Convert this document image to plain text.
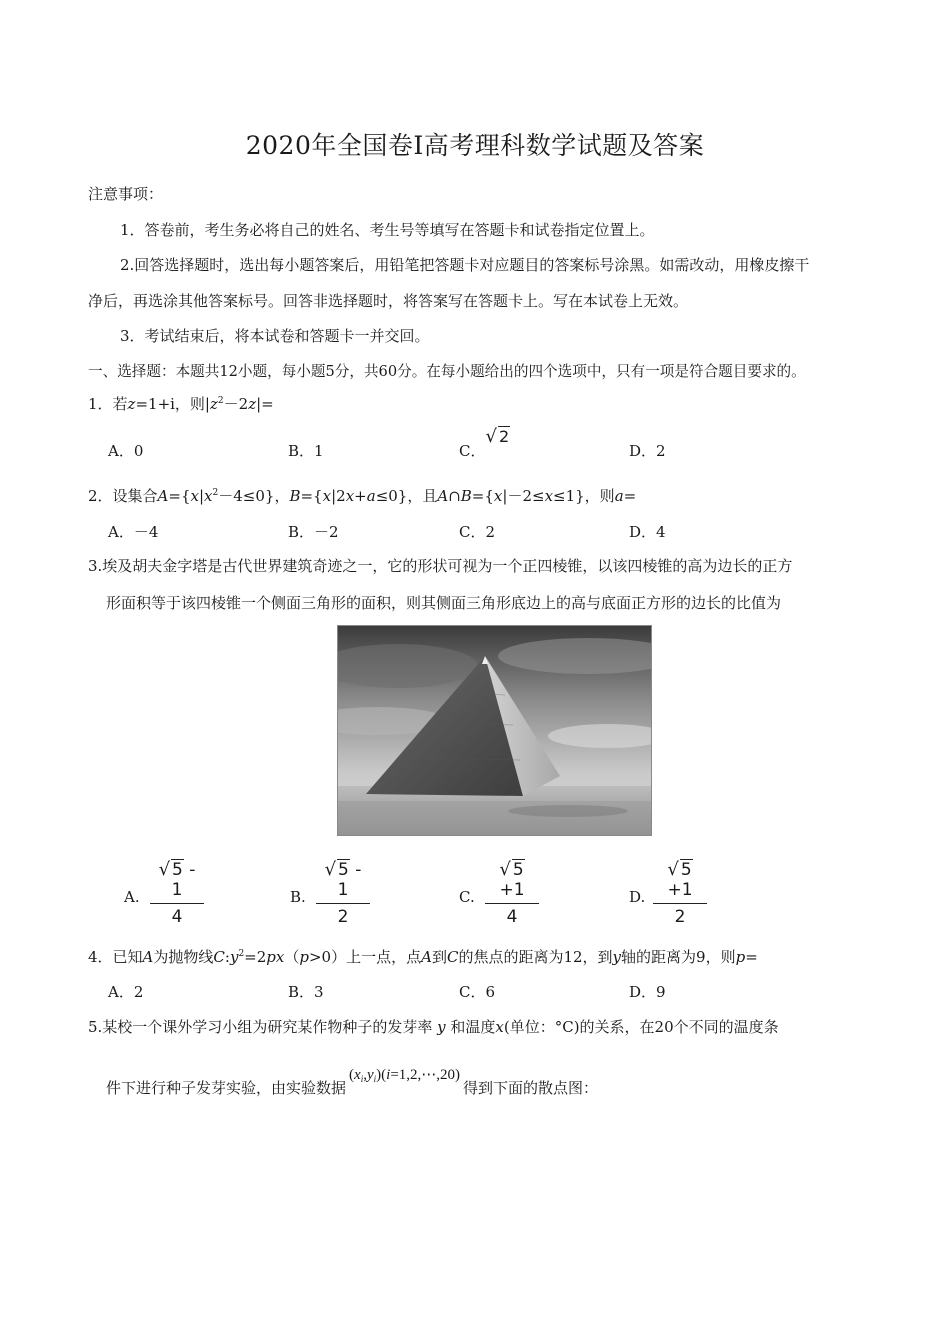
2020年全国卷Ⅰ高考理科数学试题及答案
注意事项：
1．答卷前，考生务必将自己的姓名、考生号等填写在答题卡和试卷指定位置上。
2.回答选择题时，选出每小题答案后，用铅笔把答题卡对应题目的答案标号涂黑。如需改动，用橡皮擦干
净后，再选涂其他答案标号。回答非选择题时，将答案写在答题卡上。写在本试卷上无效。
3．考试结束后，将本试卷和答题卡一并交回。
一、选择题：本题共12小题，每小题5分，共60分。在每小题给出的四个选项中，只有一项是符合题目要求的。
1．若z=1+i，则$|z^2-2z|=$
A．0	B．1	C．√ 2
D．2
2．设集合$A=\{x|x^2-4\le 0\}$，B={x|2x+a≤0}，且A∩B={x|－2≤x≤1}，则a=
A．－4	B．－2	C．2	D．4
3.埃及胡夫金字塔是古代世界建筑奇迹之一，它的形状可视为一个正四棱锥，以该四棱锥的高为边长的正方
形面积等于该四棱锥一个侧面三角形的面积，则其侧面三角形底边上的高与底面正方形的边长的比值为
A.
√ 5 - 1
4
B.
√ 5 - 1
2
C.
√ 5 +1
4
D.
√ 5 +1
2
4．已知A为抛物线$C:y^2=2px(p>0)$上一点，点A到C的焦点的距离为12，到y轴的距离为9，则p=
A．2	B．3	C．6	D．9
5.某校一个课外学习小组为研究某作物种子的发芽率 y 和温度x(单位：°C)的关系，在20个不同的温度条
件下进行种子发芽实验，由实验数据$(x_i,y_i)(i=1,2,\cdots,20)$得到下面的散点图：
